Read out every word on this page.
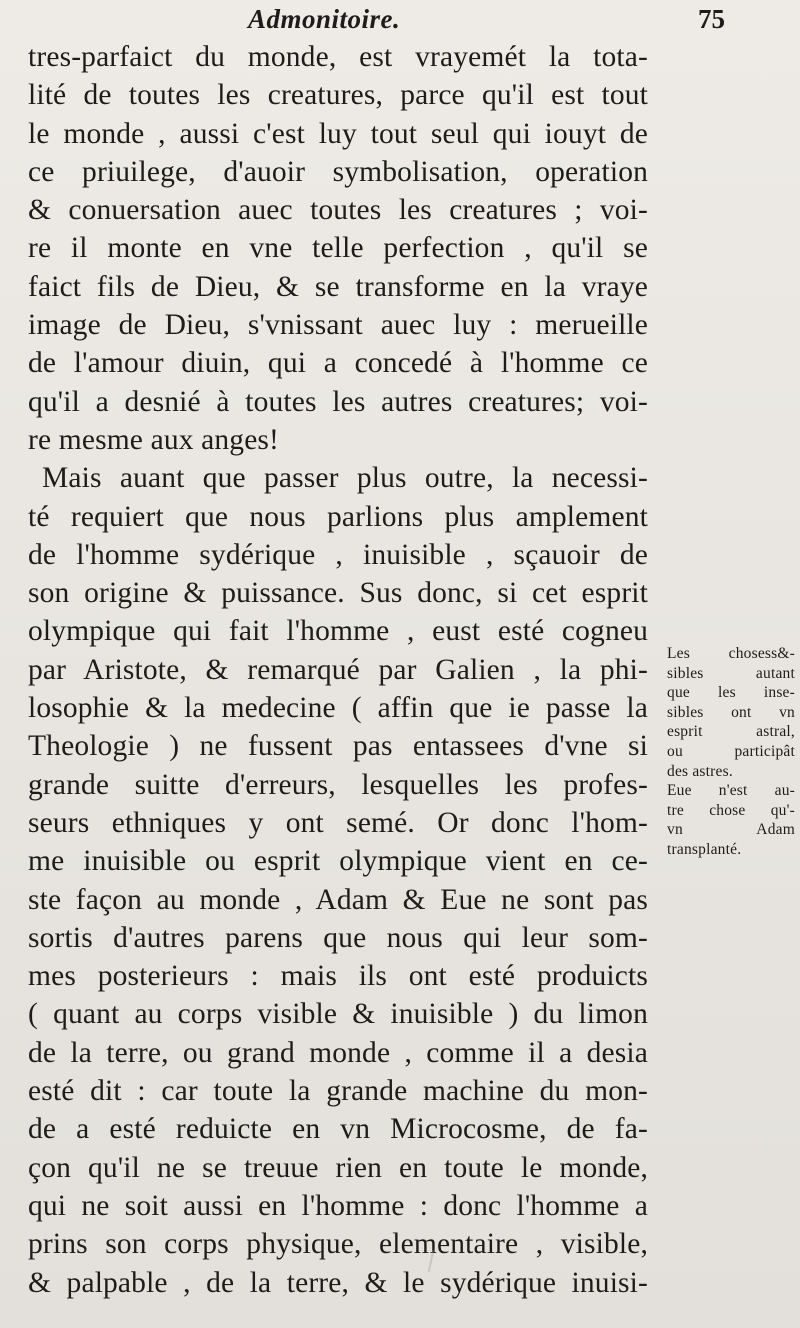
Admonitoire.	75
tres-parfaict du monde, est vrayemét la tota-
lité de toutes les creatures, parce qu'il est tout
le monde , aussi c'est luy tout seul qui iouyt de
ce priuilege, d'auoir symbolisation, operation
& conuersation auec toutes les creatures ; voi-
re il monte en vne telle perfection , qu'il se
faict fils de Dieu, & se transforme en la vraye
image de Dieu, s'vnissant auec luy : merueille
de l'amour diuin, qui a concedé à l'homme ce
qu'il a desnié à toutes les autres creatures; voi-
re mesme aux anges!
Mais auant que passer plus outre, la necessi-
té requiert que nous parlions plus amplement
de l'homme sydérique , inuisible , sçauoir de
son origine & puissance. Sus donc, si cet esprit
olympique qui fait l'homme , eust esté cogneu
par Aristote, & remarqué par Galien , la phi-
losophie & la medecine ( affin que ie passe la
Theologie ) ne fussent pas entassees d'vne si
grande suitte d'erreurs, lesquelles les profes-
seurs ethniques y ont semé. Or donc l'hom-
me inuisible ou esprit olympique vient en ce-
ste façon au monde , Adam & Eue ne sont pas
sortis d'autres parens que nous qui leur som-
mes posterieurs : mais ils ont esté produicts
( quant au corps visible & inuisible ) du limon
de la terre, ou grand monde , comme il a desia
esté dit : car toute la grande machine du mon-
de a esté reduicte en vn Microcosme, de fa-
çon qu'il ne se treuue rien en toute le monde,
qui ne soit aussi en l'homme : donc l'homme a
prins son corps physique, elementaire , visible,
& palpable , de la terre, & le sydérique inuisi-
Les chosess&-
sibles autant
que les inse-
sibles ont vn
esprit astral,
ou participât
des astres.
Eue n'est au-
tre chose qu'-
vn Adam
transplanté.
